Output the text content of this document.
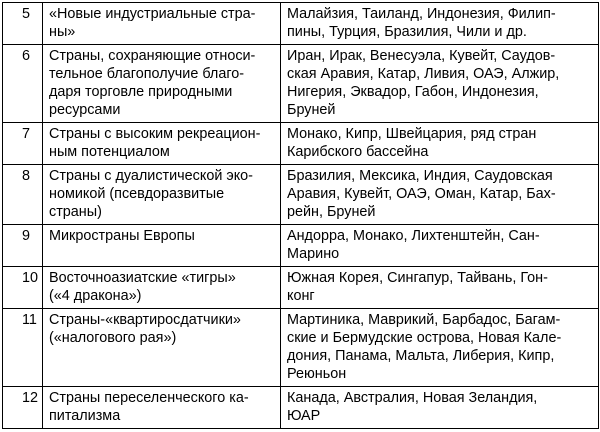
5	«Новые индустриальные стра-
ны»	Малайзия, Таиланд, Индонезия, Филип-
пины, Турция, Бразилия, Чили и др.

6	Страны, сохраняющие относи-
тельное благополучие благо-
даря торговле природными
ресурсами	Иран, Ирак, Венесуэла, Кувейт, Саудов-
ская Аравия, Катар, Ливия, ОАЭ, Алжир,
Нигерия, Эквадор, Габон, Индонезия,
Бруней

7	Страны с высоким рекреацион-
ным потенциалом	Монако, Кипр, Швейцария, ряд стран
Карибского бассейна

8	Страны с дуалистической эко-
номикой (псевдоразвитые
страны)	Бразилия, Мексика, Индия, Саудовская
Аравия, Кувейт, ОАЭ, Оман, Катар, Бах-
рейн, Бруней

9	Микространы Европы	Андорра, Монако, Лихтенштейн, Сан-
Марино

10	Восточноазиатские «тигры»
(«4 дракона»)	Южная Корея, Сингапур, Тайвань, Гон-
конг

11	Страны-«квартиросдатчики»
(«налогового рая»)	Мартиника, Маврикий, Барбадос, Багам-
ские и Бермудские острова, Новая Кале-
дония, Панама, Мальта, Либерия, Кипр,
Реюньон

12	Страны переселенческого ка-
питализма	Канада, Австралия, Новая Зеландия,
ЮАР
